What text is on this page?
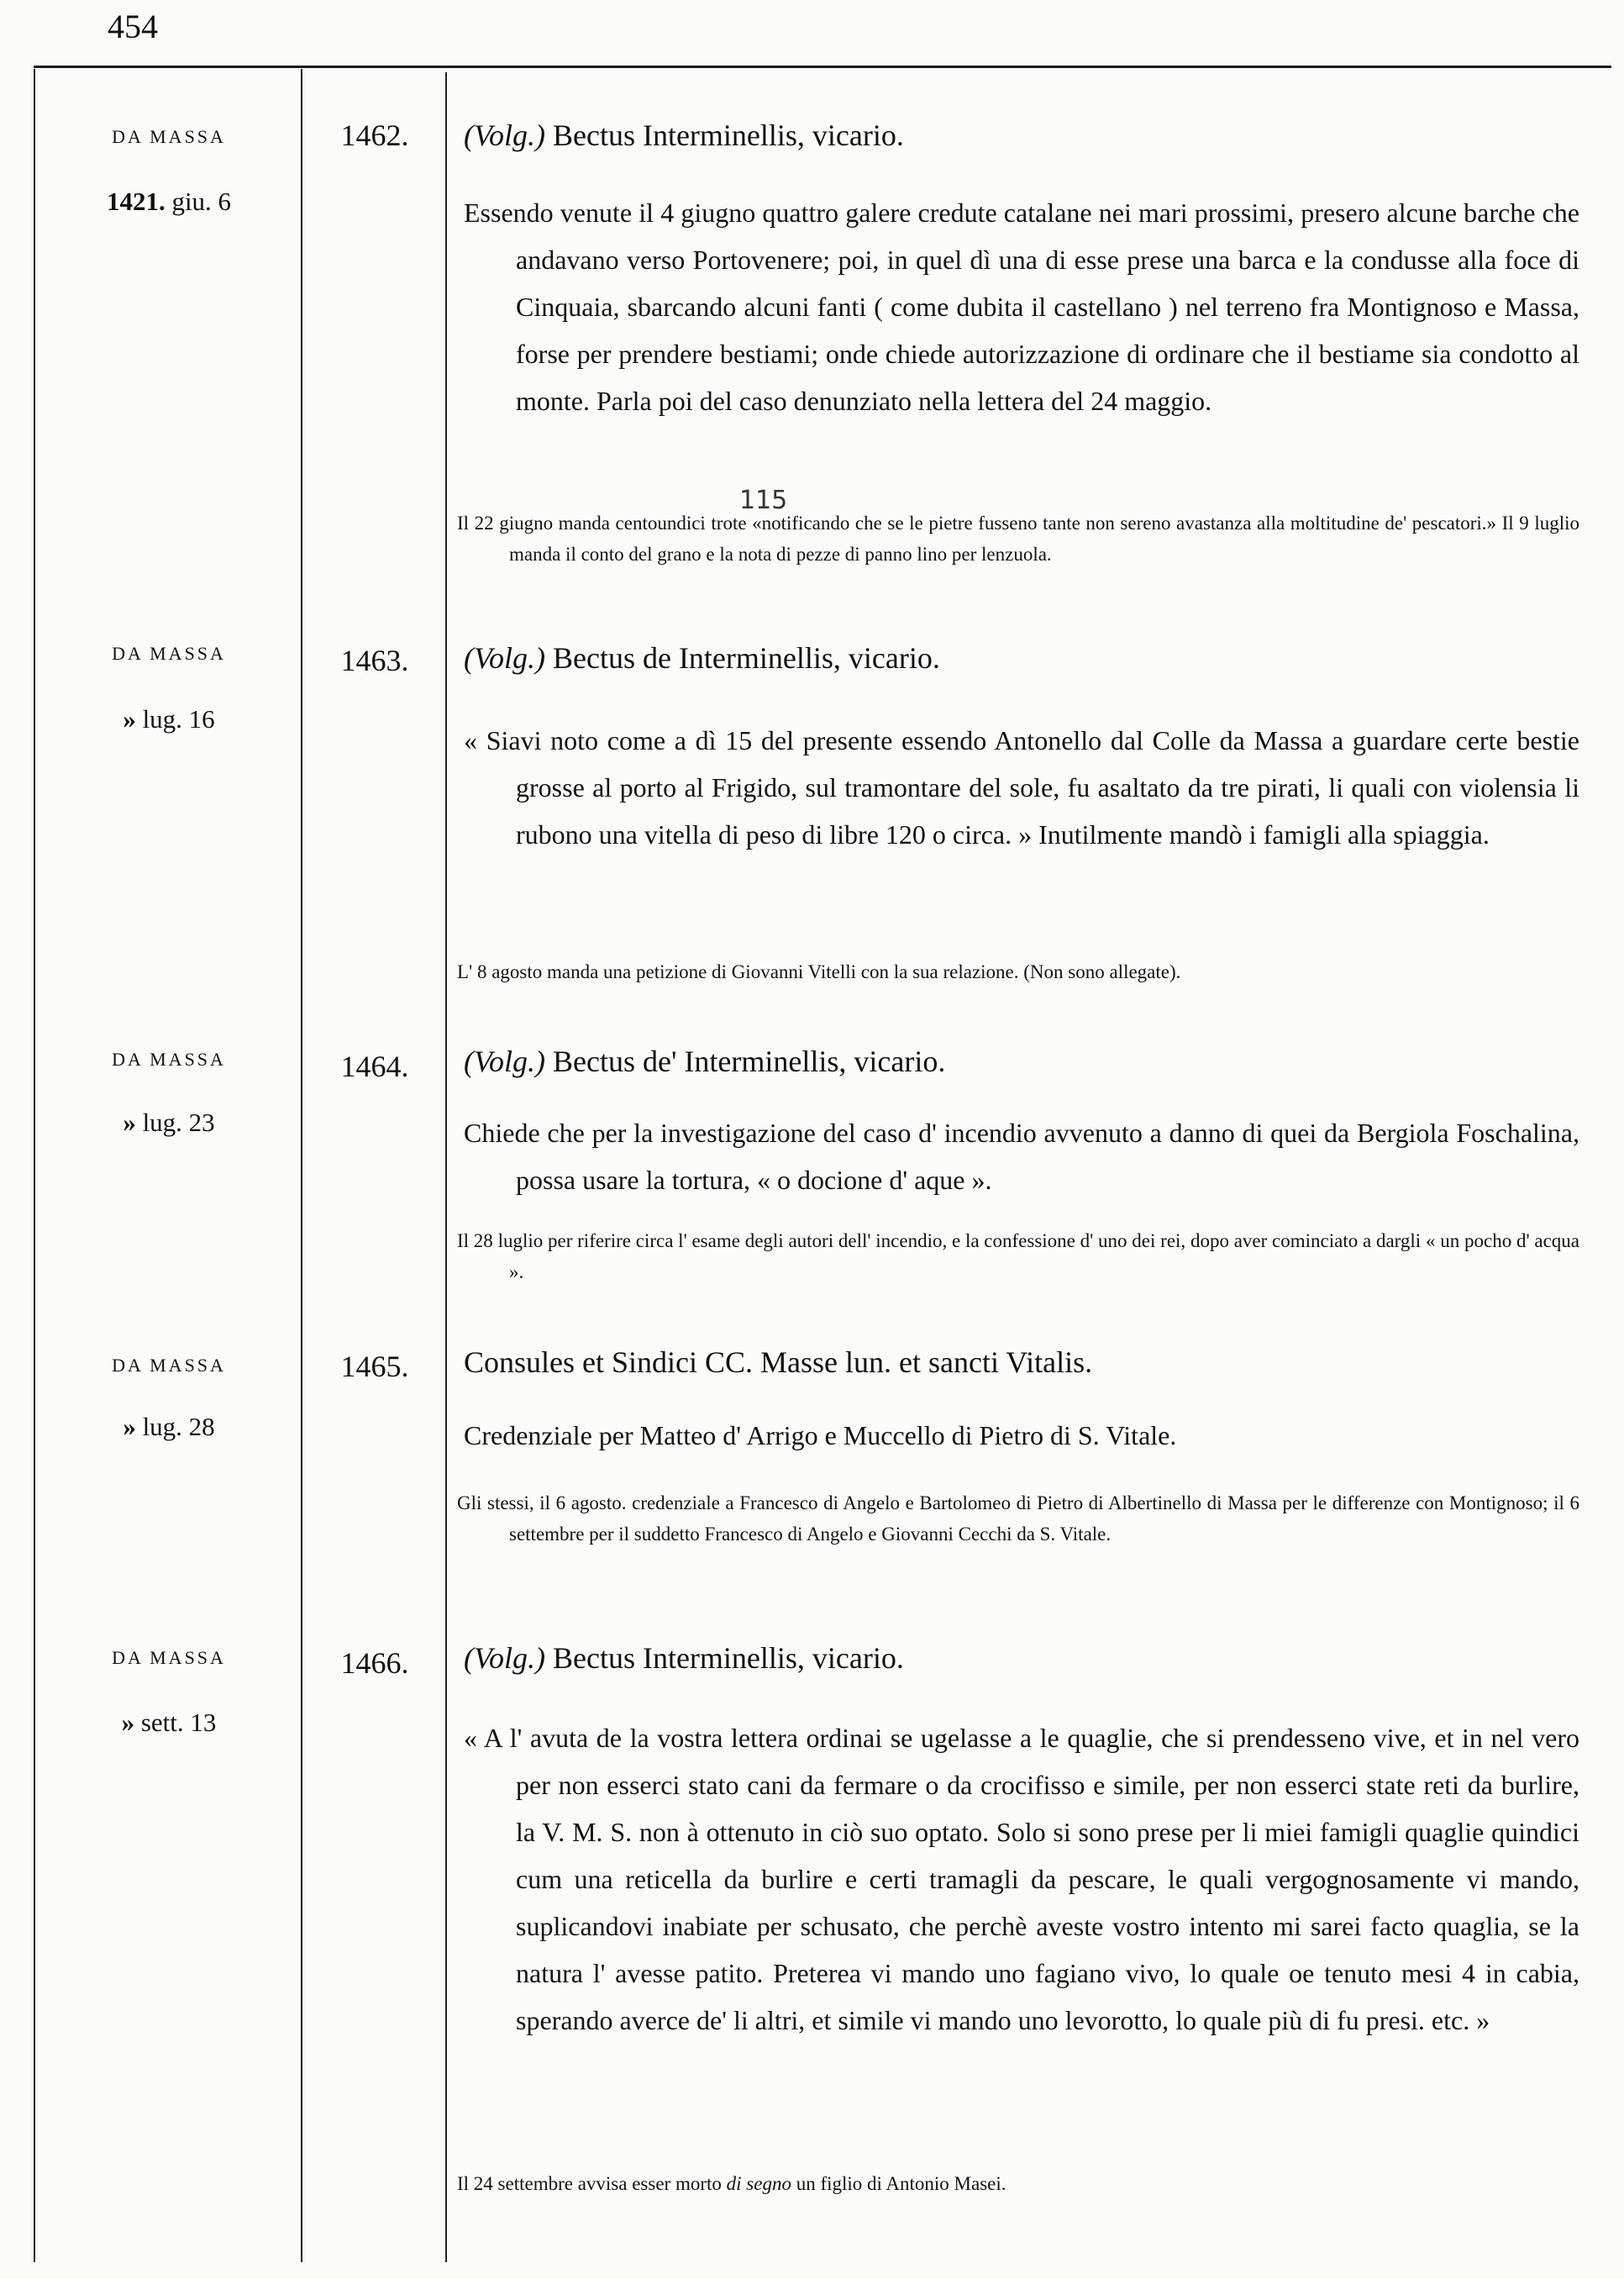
454
DA MASSA
1421. giu. 6
1462.	(Volg.) Bectus Interminellis, vicario.

Essendo venute il 4 giugno quattro galere credute catalane nei mari prossimi, presero alcune barche che andavano verso Portovenere; poi, in quel dì una di esse prese una barca e la condusse alla foce di Cinquaia, sbarcando alcuni fanti ( come dubita il castellano ) nel terreno fra Montignoso e Massa, forse per prendere bestiami; onde chiede autorizzazione di ordinare che il bestiame sia condotto al monte. Parla poi del caso denunziato nella lettera del 24 maggio.

115

Il 22 giugno manda centoundici trote «notificando che se le pietre fusseno tante non sereno avastanza alla moltitudine de' pescatori.» Il 9 luglio manda il conto del grano e la nota di pezze di panno lino per lenzuola.

DA MASSA
» lug. 16
1463.	(Volg.) Bectus de Interminellis, vicario.

« Siavi noto come a dì 15 del presente essendo Antonello dal Colle da Massa a guardare certe bestie grosse al porto al Frigido, sul tramontare del sole, fu asaltato da tre pirati, li quali con violensia li rubono una vitella di peso di libre 120 o circa. » Inutilmente mandò i famigli alla spiaggia.

L' 8 agosto manda una petizione di Giovanni Vitelli con la sua relazione. (Non sono allegate).

DA MASSA
» lug. 23
1464.	(Volg.) Bectus de' Interminellis, vicario.

Chiede che per la investigazione del caso d' incendio avvenuto a danno di quei da Bergiola Foschalina, possa usare la tortura, « o docione d' aque ».

Il 28 luglio per riferire circa l' esame degli autori dell' incendio, e la confessione d' uno dei rei, dopo aver cominciato a dargli « un pocho d' acqua ».

DA MASSA
» lug. 28
1465.	Consules et Sindici CC. Masse lun. et sancti Vitalis.

Credenziale per Matteo d' Arrigo e Muccello di Pietro di S. Vitale.

Gli stessi, il 6 agosto. credenziale a Francesco di Angelo e Bartolomeo di Pietro di Albertinello di Massa per le differenze con Montignoso; il 6 settembre per il suddetto Francesco di Angelo e Giovanni Cecchi da S. Vitale.

DA MASSA
» sett. 13
1466.	(Volg.) Bectus Interminellis, vicario.

« A l' avuta de la vostra lettera ordinai se ugelasse a le quaglie, che si prendesseno vive, et in nel vero per non esserci stato cani da fermare o da crocifisso e simile, per non esserci state reti da burlire, la V. M. S. non à ottenuto in ciò suo optato. Solo si sono prese per li miei famigli quaglie quindici cum una reticella da burlire e certi tramagli da pescare, le quali vergognosamente vi mando, suplicandovi inabiate per schusato, che perchè aveste vostro intento mi sarei facto quaglia, se la natura l' avesse patito. Preterea vi mando uno fagiano vivo, lo quale oe tenuto mesi 4 in cabia, sperando averce de' li altri, et simile vi mando uno levorotto, lo quale più di fu presi. etc. »

Il 24 settembre avvisa esser morto di segno un figlio di Antonio Masei.
